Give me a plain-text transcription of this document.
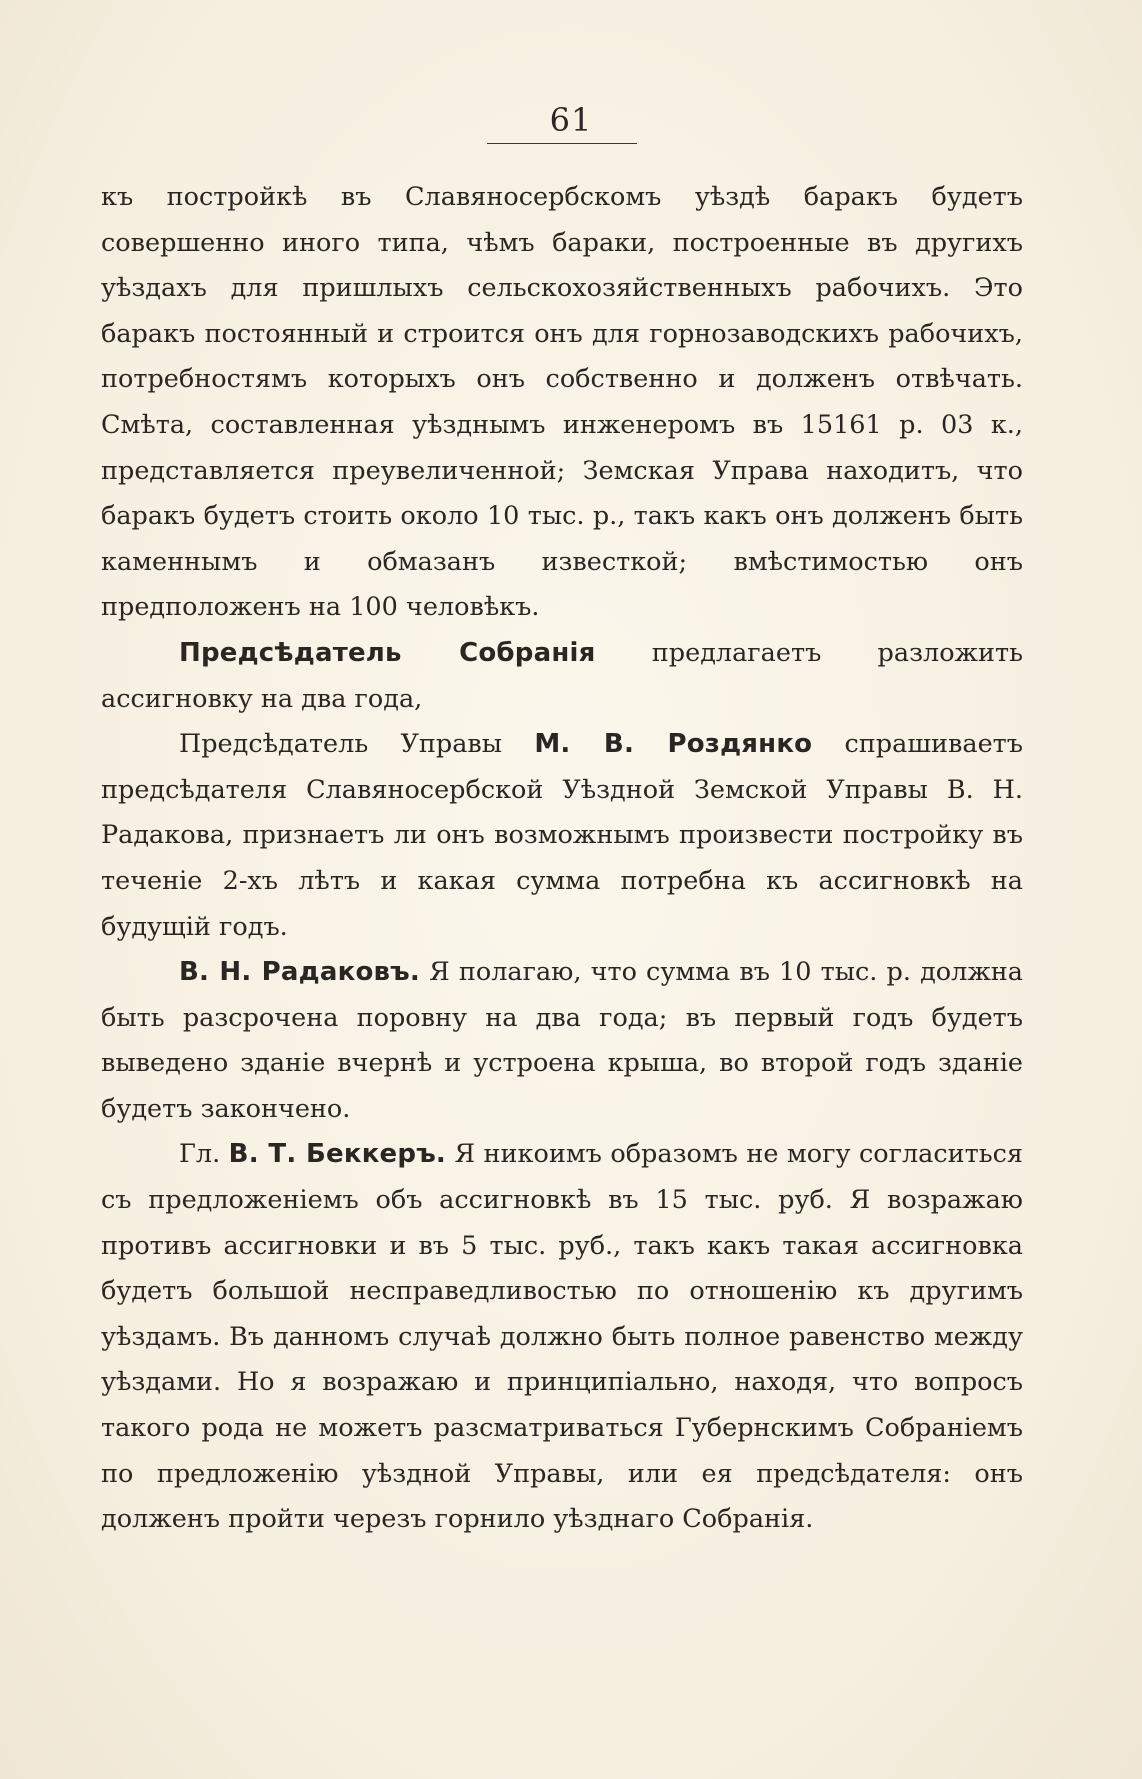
61

къ постройкѣ въ Славяносербскомъ уѣздѣ баракъ будетъ совершенно иного типа, чѣмъ бараки, построенные въ другихъ уѣздахъ для пришлыхъ сельскохозяйственныхъ рабочихъ. Это баракъ постоянный и строится онъ для горнозаводскихъ рабочихъ, потребностямъ которыхъ онъ собственно и долженъ отвѣчать. Смѣта, составленная уѣзднымъ инженеромъ въ 15161 р. 03 к., представляется преувеличенной; Земская Управа находитъ, что баракъ будетъ стоить около 10 тыс. р., такъ какъ онъ долженъ быть каменнымъ и обмазанъ известкой; вмѣстимостью онъ предположенъ на 100 человѣкъ.

Предсѣдатель Собранія предлагаетъ разложить ассигновку на два года,

Предсѣдатель Управы М. В. Роздянко спрашиваетъ предсѣдателя Славяносербской Уѣздной Земской Управы В. Н. Радакова, признаетъ ли онъ возможнымъ произвести постройку въ теченіе 2-хъ лѣтъ и какая сумма потребна къ ассигновкѣ на будущій годъ.

В. Н. Радаковъ. Я полагаю, что сумма въ 10 тыс. р. должна быть разсрочена поровну на два года; въ первый годъ будетъ выведено зданіе вчернѣ и устроена крыша, во второй годъ зданіе будетъ закончено.

Гл. В. Т. Беккеръ. Я никоимъ образомъ не могу согласиться съ предложеніемъ объ ассигновкѣ въ 15 тыс. руб. Я возражаю противъ ассигновки и въ 5 тыс. руб., такъ какъ такая ассигновка будетъ большой несправедливостью по отношенію къ другимъ уѣздамъ. Въ данномъ случаѣ должно быть полное равенство между уѣздами. Но я возражаю и принципіально, находя, что вопросъ такого рода не можетъ разсматриваться Губернскимъ Собраніемъ по предложенію уѣздной Управы, или ея предсѣдателя: онъ долженъ пройти черезъ горнило уѣзднаго Собранія.
